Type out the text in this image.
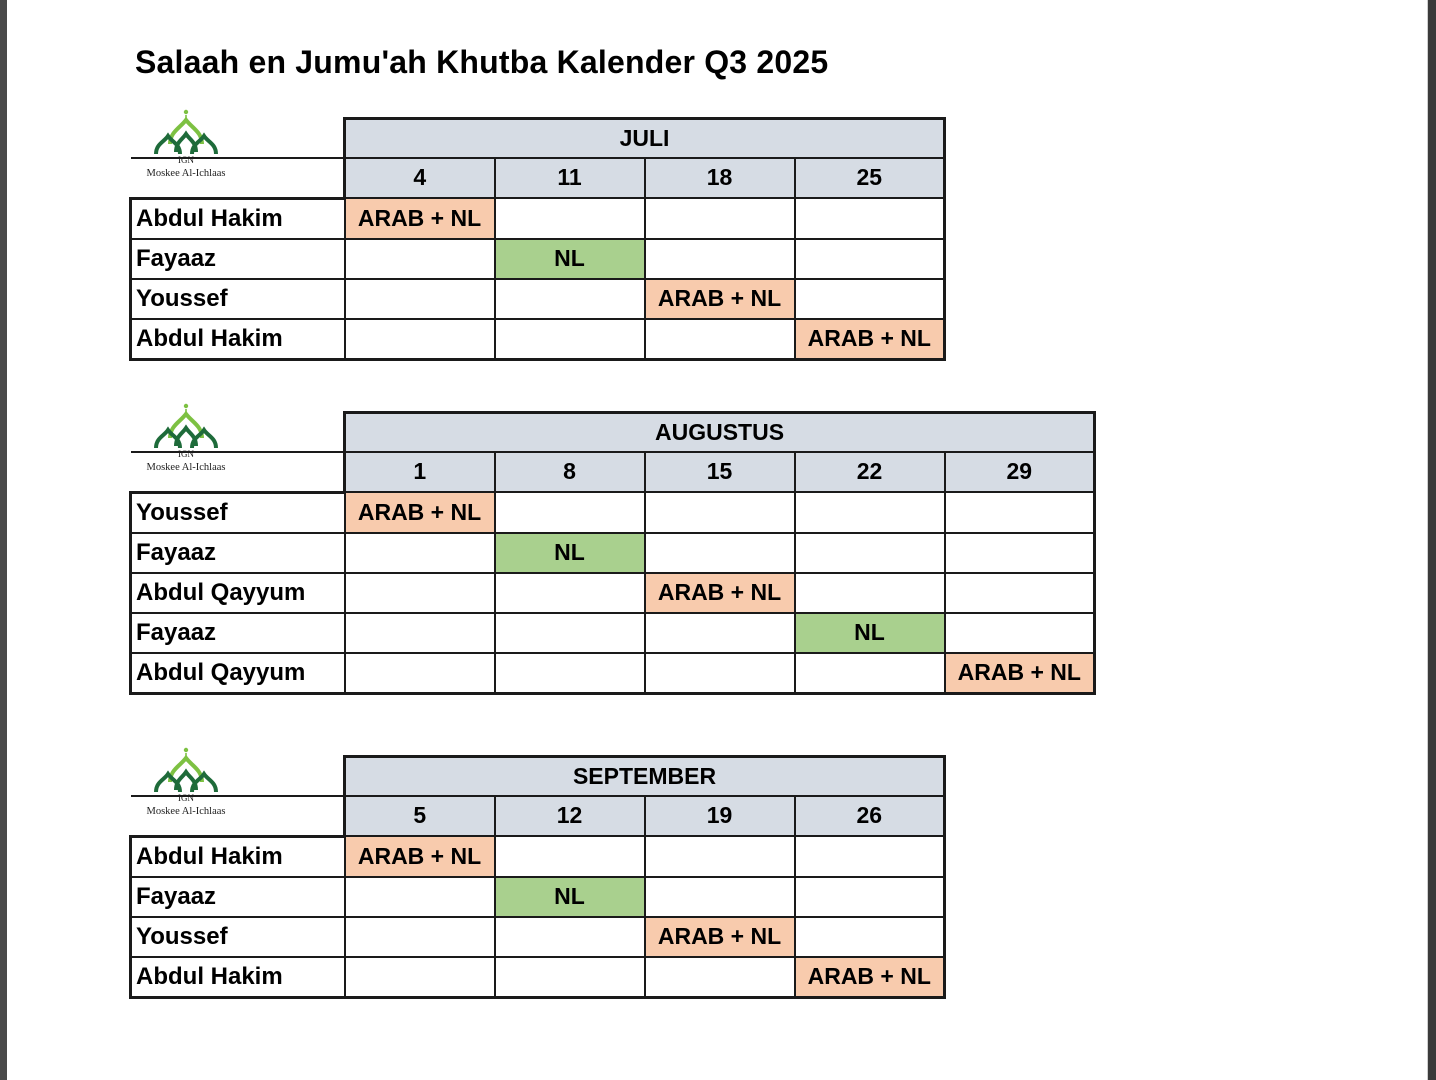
Salaah en Jumu'ah Khutba Kalender Q3 2025
IGN
Moskee Al-Ichlaas
	JULI			
	4	11	18	25
Abdul Hakim	ARAB + NL			
Fayaaz		NL		
Youssef			ARAB + NL	
Abdul Hakim				ARAB + NL
IGN
Moskee Al-Ichlaas
	AUGUSTUS				
	1	8	15	22	29
Youssef	ARAB + NL				
Fayaaz		NL			
Abdul Qayyum			ARAB + NL		
Fayaaz				NL	
Abdul Qayyum					ARAB + NL
IGN
Moskee Al-Ichlaas
	SEPTEMBER			
	5	12	19	26
Abdul Hakim	ARAB + NL			
Fayaaz		NL		
Youssef			ARAB + NL	
Abdul Hakim				ARAB + NL
